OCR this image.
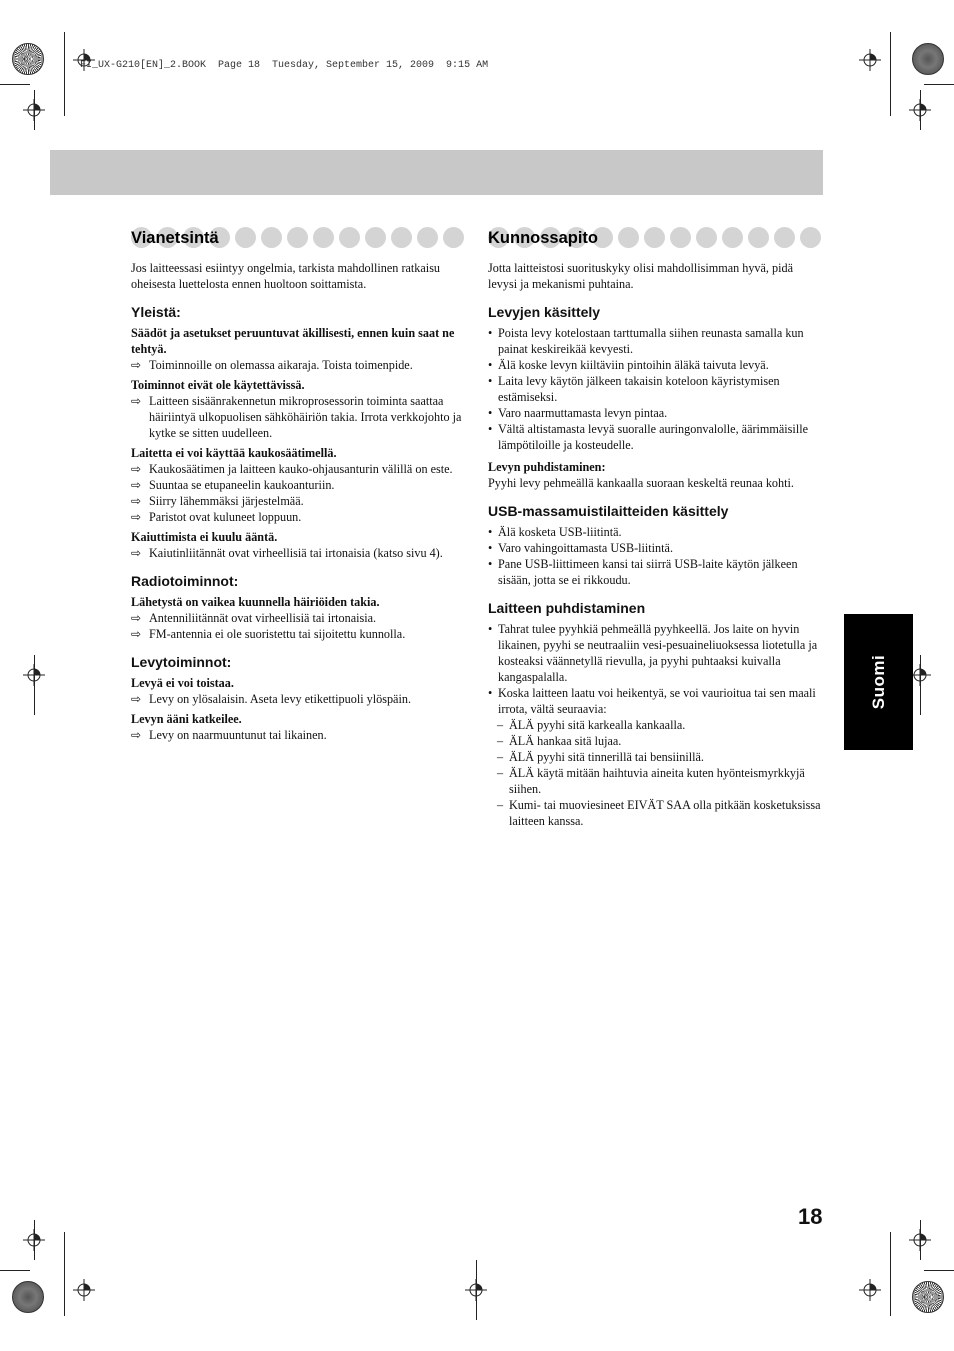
FI_UX-G210[EN]_2.BOOK  Page 18  Tuesday, September 15, 2009  9:15 AM
Suomi
Vianetsintä

Jos laitteessasi esiintyy ongelmia, tarkista mahdollinen ratkaisu oheisesta luettelosta ennen huoltoon soittamista.

Yleistä:

Säädöt ja asetukset peruuntuvat äkillisesti, ennen kuin saat ne tehtyä.

⇨ Toiminnoille on olemassa aikaraja. Toista toimenpide.

Toiminnot eivät ole käytettävissä.

⇨ Laitteen sisäänrakennetun mikroprosessorin toiminta saattaa häiriintyä ulkopuolisen sähköhäiriön takia. Irrota verkkojohto ja kytke se sitten uudelleen.

Laitetta ei voi käyttää kaukosäätimellä.

⇨ Kaukosäätimen ja laitteen kauko-ohjausanturin välillä on este.
⇨ Suuntaa se etupaneelin kaukoanturiin.
⇨ Siirry lähemmäksi järjestelmää.
⇨ Paristot ovat kuluneet loppuun.

Kaiuttimista ei kuulu ääntä.

⇨ Kaiutinliitännät ovat virheellisiä tai irtonaisia (katso sivu 4).
Radiotoiminnot:

Lähetystä on vaikea kuunnella häiriöiden takia.

⇨ Antenniliitännät ovat virheellisiä tai irtonaisia.
⇨ FM-antennia ei ole suoristettu tai sijoitettu kunnolla.
Levytoiminnot:

Levyä ei voi toistaa.

⇨ Levy on ylösalaisin. Aseta levy etikettipuoli ylöspäin.

Levyn ääni katkeilee.

⇨ Levy on naarmuuntunut tai likainen.
Kunnossapito

Jotta laitteistosi suorituskyky olisi mahdollisimman hyvä, pidä levysi ja mekanismi puhtaina.

Levyjen käsittely
• Poista levy kotelostaan tarttumalla siihen reunasta samalla kun painat keskireikää kevyesti.
• Älä koske levyn kiiltäviin pintoihin äläkä taivuta levyä.
• Laita levy käytön jälkeen takaisin koteloon käyristymisen estämiseksi.
• Varo naarmuttamasta levyn pintaa.
• Vältä altistamasta levyä suoralle auringonvalolle, äärimmäisille lämpötiloille ja kosteudelle.

Levyn puhdistaminen:

Pyyhi levy pehmeällä kankaalla suoraan keskeltä reunaa kohti.

USB-massamuistilaitteiden käsittely
• Älä kosketa USB-liitintä.
• Varo vahingoittamasta USB-liitintä.
• Pane USB-liittimeen kansi tai siirrä USB-laite käytön jälkeen sisään, jotta se ei rikkoudu.
Laitteen puhdistaminen
• Tahrat tulee pyyhkiä pehmeällä pyyhkeellä. Jos laite on hyvin likainen, pyyhi se neutraaliin vesi-pesuaineliuoksessa liotetulla ja kosteaksi väännetyllä rievulla, ja pyyhi puhtaaksi kuivalla kangaspalalla.
• Koska laitteen laatu voi heikentyä, se voi vaurioitua tai sen maali irrota, vältä seuraavia:
– ÄLÄ pyyhi sitä karkealla kankaalla.
– ÄLÄ hankaa sitä lujaa.
– ÄLÄ pyyhi sitä tinnerillä tai bensiinillä.
– ÄLÄ käytä mitään haihtuvia aineita kuten hyönteismyrkkyjä siihen.
– Kumi- tai muoviesineet EIVÄT SAA olla pitkään kosketuksissa laitteen kanssa.
18
